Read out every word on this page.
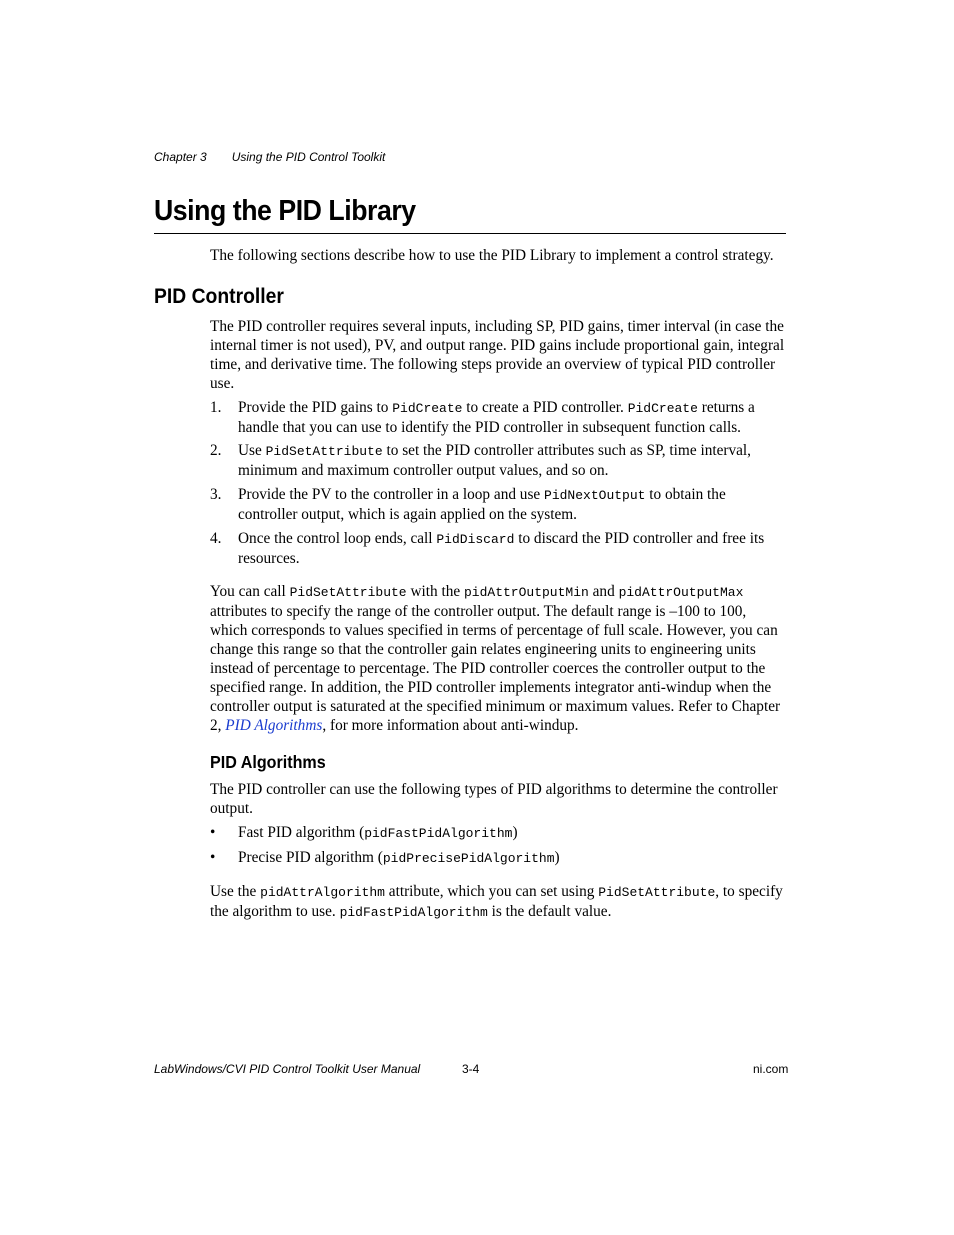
Chapter 3 Using the PID Control Toolkit
Using the PID Library
The following sections describe how to use the PID Library to implement a control strategy.
PID Controller
The PID controller requires several inputs, including SP, PID gains, timer interval (in case the internal timer is not used), PV, and output range. PID gains include proportional gain, integral time, and derivative time. The following steps provide an overview of typical PID controller use.
1. Provide the PID gains to PidCreate to create a PID controller. PidCreate returns a handle that you can use to identify the PID controller in subsequent function calls.
2. Use PidSetAttribute to set the PID controller attributes such as SP, time interval, minimum and maximum controller output values, and so on.
3. Provide the PV to the controller in a loop and use PidNextOutput to obtain the controller output, which is again applied on the system.
4. Once the control loop ends, call PidDiscard to discard the PID controller and free its resources.
You can call PidSetAttribute with the pidAttrOutputMin and pidAttrOutputMax attributes to specify the range of the controller output. The default range is –100 to 100, which corresponds to values specified in terms of percentage of full scale. However, you can change this range so that the controller gain relates engineering units to engineering units instead of percentage to percentage. The PID controller coerces the controller output to the specified range. In addition, the PID controller implements integrator anti-windup when the controller output is saturated at the specified minimum or maximum values. Refer to Chapter 2, PID Algorithms, for more information about anti-windup.
PID Algorithms
The PID controller can use the following types of PID algorithms to determine the controller output.
• Fast PID algorithm (pidFastPidAlgorithm)
• Precise PID algorithm (pidPrecisePidAlgorithm)
Use the pidAttrAlgorithm attribute, which you can set using PidSetAttribute, to specify the algorithm to use. pidFastPidAlgorithm is the default value.
LabWindows/CVI PID Control Toolkit User Manual	3-4	ni.com
